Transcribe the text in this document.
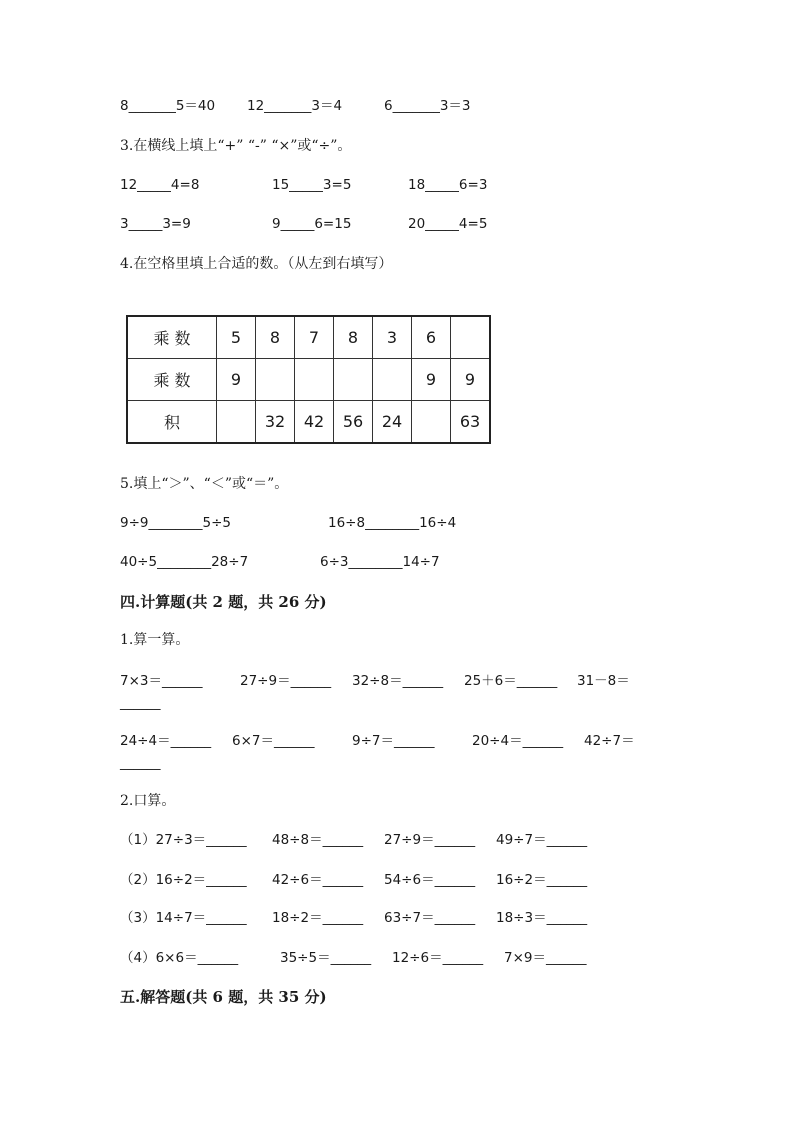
8_______5＝40 12_______3＝4	6_______3＝3
3.在横线上填上“+” “-” “×”或“÷”。
12_____4=8	15_____3=5	18_____6=3
3_____3=9	9_____6=15	20_____4=5
4.在空格里填上合适的数。（从左到右填写）
乘 数	5	8	7	8	3	6	
乘 数	9					9	9
积		32	42	56	24		63
5.填上“＞”、“＜”或“＝”。
9÷9________5÷5	16÷8________16÷4
40÷5________28÷7	6÷3________14÷7
四.计算题(共 2 题，共 26 分)
1.算一算。
7×3＝______	27÷9＝______ 32÷8＝______ 25＋6＝______ 31－8＝
______
24÷4＝______ 6×7＝______	9÷7＝______	20÷4＝______ 42÷7＝
______
2.口算。
（1）27÷3＝______ 48÷8＝______ 27÷9＝______ 49÷7＝______
（2）16÷2＝______ 42÷6＝______ 54÷6＝______ 16÷2＝______
（3）14÷7＝______ 18÷2＝______ 63÷7＝______ 18÷3＝______
（4）6×6＝______	35÷5＝______ 12÷6＝______ 7×9＝______
五.解答题(共 6 题，共 35 分)
